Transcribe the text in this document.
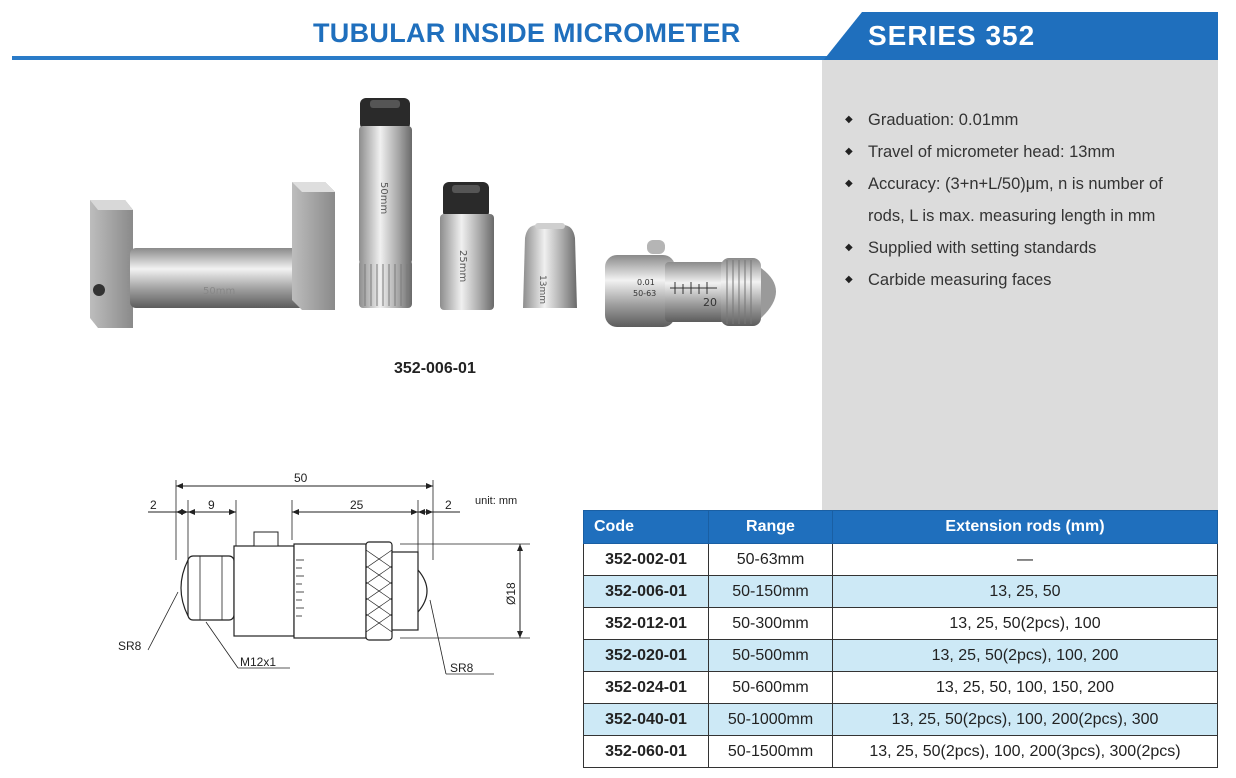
TUBULAR INSIDE MICROMETER	SERIES 352
◆ Graduation: 0.01mm
◆ Travel of micrometer head: 13mm
◆ Accuracy: (3+n+L/50)μm, n is number of
rods, L is max. measuring length in mm
◆ Supplied with setting standards
◆ Carbide measuring faces
50mm
50mm
25mm
13mm	0.01
50-63
20
352-006-01
50
2	9	25	2 unit: mm
Ø18
SR8
M12x1	SR8
Code	Range	Extension rods (mm)
352-002-01	50-63mm	—
352-006-01	50-150mm	13, 25, 50
352-012-01	50-300mm	13, 25, 50(2pcs), 100
352-020-01	50-500mm	13, 25, 50(2pcs), 100, 200
352-024-01	50-600mm	13, 25, 50, 100, 150, 200
352-040-01	50-1000mm	13, 25, 50(2pcs), 100, 200(2pcs), 300
352-060-01	50-1500mm	13, 25, 50(2pcs), 100, 200(3pcs), 300(2pcs)
